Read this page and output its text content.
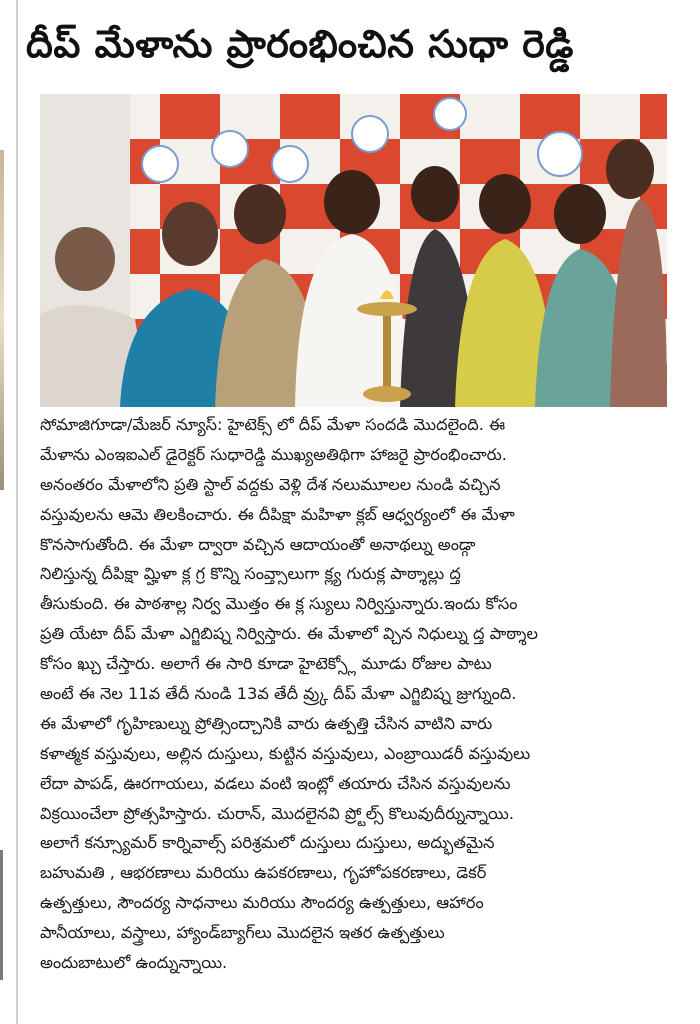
దీప్ మేళాను ప్రారంభించిన సుధా రెడ్డి
సోమాజిగూడా/మేజర్ న్యూస్: హైటెక్స్ లో దీప్ మేళా సందడి మొదలైంది. ఈ
మేళాను ఎంఇఐఎల్ డైరెక్టర్ సుధారెడ్డి ముఖ్యఅతిథిగా హాజరై ప్రారంభించారు.
అనంతరం మేళాలోని ప్రతి స్టాల్ వద్దకు వెళ్లి దేశ నలుమూలల నుండి వచ్చిన
వస్తువులను ఆమె తిలకించారు. ఈ దీపిక్షా మహిళా క్లబ్ ఆధ్వర్యంలో ఈ మేళా
కొనసాగుతోంది. ఈ మేళా ద్వారా వచ్చిన ఆదాయంతో అనాథల్ను అండ్గా
నిలిస్తున్న దీపిక్షా మ్హిళా క్ల గ్ర కొన్ని సంవ్త్సాలుగా క్ల్య గురుక్ల పాఠ్శాల్లు ద్త
తీసుకుంది. ఈ పాఠశాల్ల నిర్వ మొత్తం ఈ క్ల స్యులు నిర్విస్తున్నారు.ఇందు కోసం
ప్రతి యేటా దీప్ మేళా ఎగ్జిబిష్న నిర్విస్తారు. ఈ మేళాలో వ్చిన నిధుల్ను ద్త పాఠ్శాల
కోసం ఖ్చు చేస్తారు. అలాగే ఈ సారి కూడా హైటెక్స్లో మూడు రోజుల పాటు
అంటే ఈ నెల 11వ తేదీ నుండి 13వ తేదీ వ్ర్కు దీప్ మేళా ఎగ్జిబిష్న జ్రుగ్నుంది.
ఈ మేళాలో గృహిణుల్ను ప్రోత్సింద్చానికి వారు ఉత్పత్తి చేసిన వాటిని వారు
కళాత్మక వస్తువులు, అల్లిన దుస్తులు, కుట్టిన వస్తువులు, ఎంబ్రాయిడరీ వస్తువులు
లేదా పాపడ్, ఊరగాయలు, వడలు వంటి ఇంట్లో తయారు చేసిన వస్తువులను
విక్రయించేలా ప్రోత్సహిస్తారు. చురాన్, మొదలైనవి ప్ర్టోల్స్ కొలువుదీర్నున్నాయి.
అలాగే కన్స్యూమర్ కార్నివాల్స్ పరిశ్రమలో దుస్తులు దుస్తులు, అద్భుతమైన
బహుమతి , ఆభరణాలు మరియు ఉపకరణాలు, గృహోపకరణాలు, డెకర్
ఉత్పత్తులు, సౌందర్య సాధనాలు మరియు సౌందర్య ఉత్పత్తులు, ఆహారం
పానీయాలు, వస్త్రాలు, హ్యాండ్‌బ్యాగ్‌లు మొదలైన ఇతర ఉత్పత్తులు
అందుబాటులో ఉంద్నున్నాయి.
